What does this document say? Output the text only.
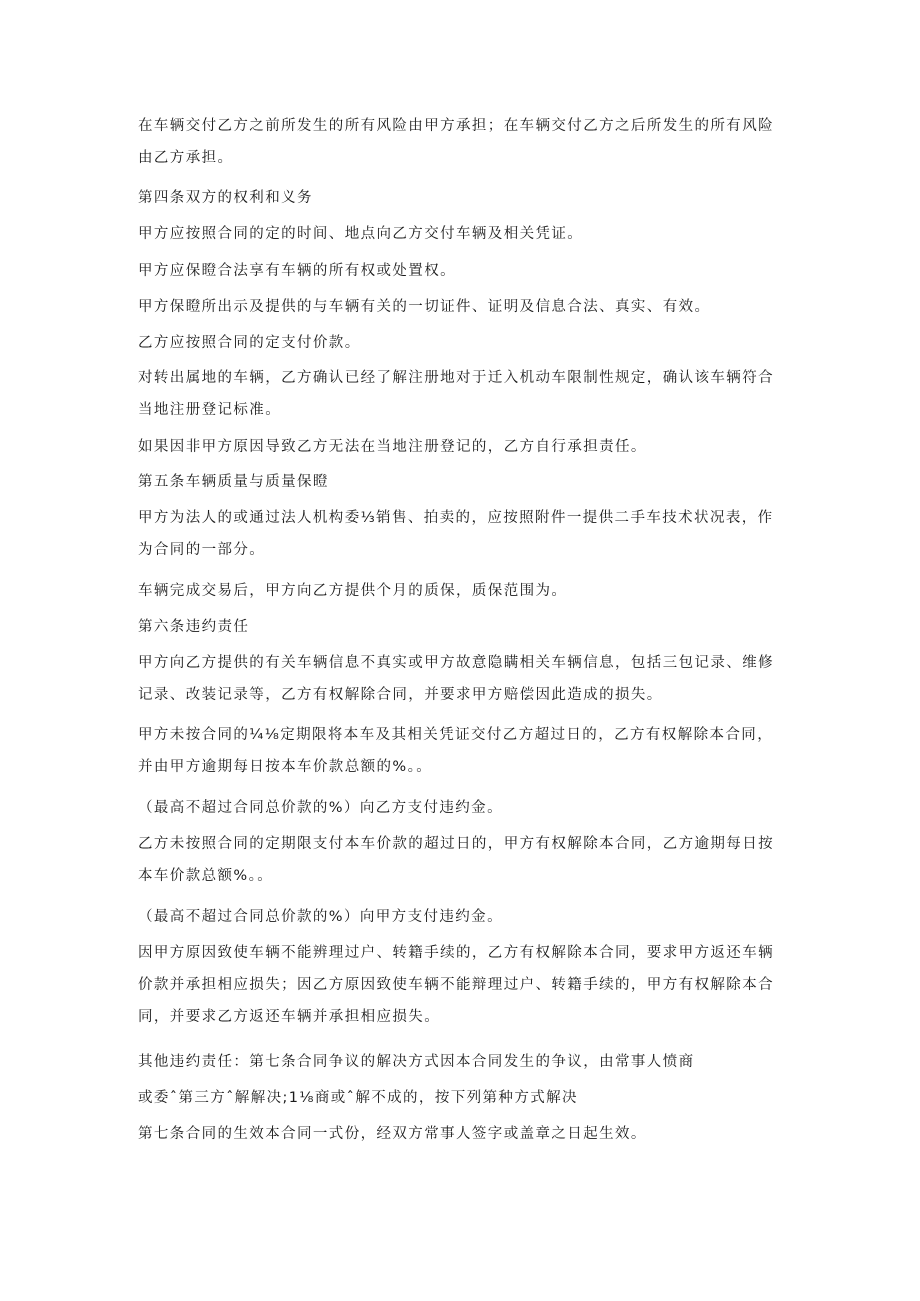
在车辆交付乙方之前所发生的所有风险由甲方承担；在车辆交付乙方之后所发生的所有风险由乙方承担。

第四条双方的权利和义务

甲方应按照合同的定的时间、地点向乙方交付车辆及相关凭证。

甲方应保瞪合法享有车辆的所有权或处置权。

甲方保瞪所出示及提供的与车辆有关的一切证件、证明及信息合法、真实、有效。

乙方应按照合同的定支付价款。

对转出属地的车辆，乙方确认已经了解注册地对于迁入机动车限制性规定，确认该车辆符合当地注册登记标准。

如果因非甲方原因导致乙方无法在当地注册登记的，乙方自行承担责任。

第五条车辆质量与质量保瞪

甲方为法人的或通过法人机构委⅓销售、拍卖的，应按照附件一提供二手车技术状况表，作为合同的一部分。

车辆完成交易后，甲方向乙方提供个月的质保，质保范围为。

第六条违约责任

甲方向乙方提供的有关车辆信息不真实或甲方故意隐瞒相关车辆信息，包括三包记录、维修记录、改装记录等，乙方有权解除合同，并要求甲方赔偿因此造成的损失。

甲方未按合同的¼⅛定期限将本车及其相关凭证交付乙方超过日的，乙方有权解除本合同，并由甲方逾期每日按本车价款总额的%。。

（最高不超过合同总价款的%）向乙方支付违约金。

乙方未按照合同的定期限支付本车价款的超过日的，甲方有权解除本合同，乙方逾期每日按本车价款总额%。。

（最高不超过合同总价款的%）向甲方支付违约金。

因甲方原因致使车辆不能辨理过户、转籍手续的，乙方有权解除本合同，要求甲方返还车辆价款并承担相应损失；因乙方原因致使车辆不能辩理过户、转籍手续的，甲方有权解除本合同，并要求乙方返还车辆并承担相应损失。

其他违约责任：第七条合同争议的解决方式因本合同发生的争议，由常事人愤商

或委ˆ第三方ˆ解解决;1⅛商或ˆ解不成的，按下列第种方式解决

第七条合同的生效本合同一式份，经双方常事人签字或盖章之日起生效。
